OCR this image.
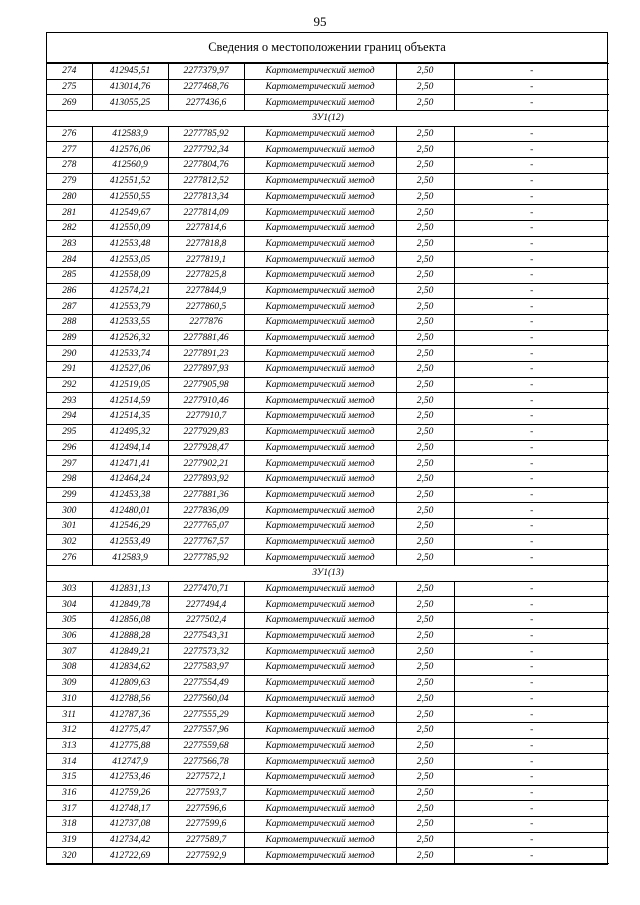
95
Сведения о местоположении границ объекта
274	412945,51	2277379,97	Картометрический метод	2,50	-
275	413014,76	2277468,76	Картометрический метод	2,50	-
269	413055,25	2277436,6	Картометрический метод	2,50	-
ЗУ1(12)					
276	412583,9	2277785,92	Картометрический метод	2,50	-
277	412576,06	2277792,34	Картометрический метод	2,50	-
278	412560,9	2277804,76	Картометрический метод	2,50	-
279	412551,52	2277812,52	Картометрический метод	2,50	-
280	412550,55	2277813,34	Картометрический метод	2,50	-
281	412549,67	2277814,09	Картометрический метод	2,50	-
282	412550,09	2277814,6	Картометрический метод	2,50	-
283	412553,48	2277818,8	Картометрический метод	2,50	-
284	412553,05	2277819,1	Картометрический метод	2,50	-
285	412558,09	2277825,8	Картометрический метод	2,50	-
286	412574,21	2277844,9	Картометрический метод	2,50	-
287	412553,79	2277860,5	Картометрический метод	2,50	-
288	412533,55	2277876	Картометрический метод	2,50	-
289	412526,32	2277881,46	Картометрический метод	2,50	-
290	412533,74	2277891,23	Картометрический метод	2,50	-
291	412527,06	2277897,93	Картометрический метод	2,50	-
292	412519,05	2277905,98	Картометрический метод	2,50	-
293	412514,59	2277910,46	Картометрический метод	2,50	-
294	412514,35	2277910,7	Картометрический метод	2,50	-
295	412495,32	2277929,83	Картометрический метод	2,50	-
296	412494,14	2277928,47	Картометрический метод	2,50	-
297	412471,41	2277902,21	Картометрический метод	2,50	-
298	412464,24	2277893,92	Картометрический метод	2,50	-
299	412453,38	2277881,36	Картометрический метод	2,50	-
300	412480,01	2277836,09	Картометрический метод	2,50	-
301	412546,29	2277765,07	Картометрический метод	2,50	-
302	412553,49	2277767,57	Картометрический метод	2,50	-
276	412583,9	2277785,92	Картометрический метод	2,50	-
ЗУ1(13)					
303	412831,13	2277470,71	Картометрический метод	2,50	-
304	412849,78	2277494,4	Картометрический метод	2,50	-
305	412856,08	2277502,4	Картометрический метод	2,50	-
306	412888,28	2277543,31	Картометрический метод	2,50	-
307	412849,21	2277573,32	Картометрический метод	2,50	-
308	412834,62	2277583,97	Картометрический метод	2,50	-
309	412809,63	2277554,49	Картометрический метод	2,50	-
310	412788,56	2277560,04	Картометрический метод	2,50	-
311	412787,36	2277555,29	Картометрический метод	2,50	-
312	412775,47	2277557,96	Картометрический метод	2,50	-
313	412775,88	2277559,68	Картометрический метод	2,50	-
314	412747,9	2277566,78	Картометрический метод	2,50	-
315	412753,46	2277572,1	Картометрический метод	2,50	-
316	412759,26	2277593,7	Картометрический метод	2,50	-
317	412748,17	2277596,6	Картометрический метод	2,50	-
318	412737,08	2277599,6	Картометрический метод	2,50	-
319	412734,42	2277589,7	Картометрический метод	2,50	-
320	412722,69	2277592,9	Картометрический метод	2,50	-
